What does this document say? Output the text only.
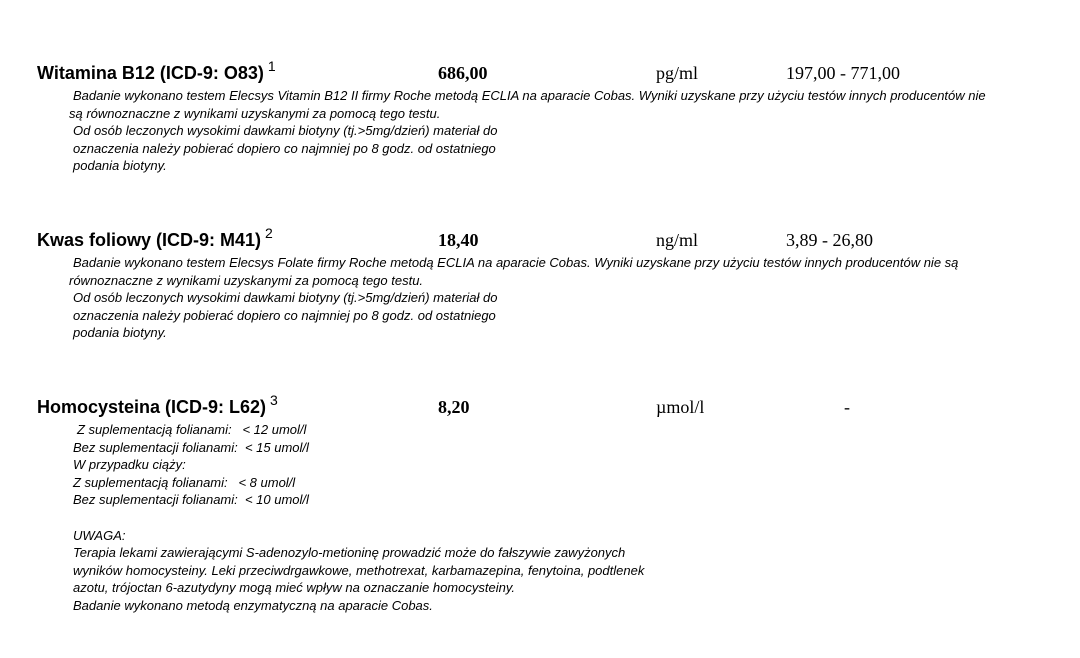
Witamina B12 (ICD-9: O83) $^1$	686,00	pg/ml	197,00 - 771,00

Badanie wykonano testem Elecsys Vitamin B12 II firmy Roche metodą ECLIA na aparacie Cobas. Wyniki uzyskane przy użyciu testów innych producentów nie są równoznaczne z wynikami uzyskanymi za pomocą tego testu.

Od osób leczonych wysokimi dawkami biotyny (tj.>5mg/dzień) materiał do

oznaczenia należy pobierać dopiero co najmniej po 8 godz. od ostatniego

podania biotyny.

Kwas foliowy (ICD-9: M41) $^2$	18,40	ng/ml	3,89 - 26,80

Badanie wykonano testem Elecsys Folate firmy Roche metodą ECLIA na aparacie Cobas. Wyniki uzyskane przy użyciu testów innych producentów nie są równoznaczne z wynikami uzyskanymi za pomocą tego testu.

Od osób leczonych wysokimi dawkami biotyny (tj.>5mg/dzień) materiał do

oznaczenia należy pobierać dopiero co najmniej po 8 godz. od ostatniego

podania biotyny.

Homocysteina (ICD-9: L62) $^3$	8,20	µmol/l	-

Z suplementacją folianami:   < 12 umol/l

Bez suplementacji folianami:  < 15 umol/l

W przypadku ciąży:

Z suplementacją folianami:   < 8 umol/l

Bez suplementacji folianami:  < 10 umol/l

UWAGA:

Terapia lekami zawierającymi S-adenozylo-metioninę prowadzić może do fałszywie zawyżonych

wyników homocysteiny. Leki przeciwdrgawkowe, methotrexat, karbamazepina, fenytoina, podtlenek

azotu, trójoctan 6-azutydyny mogą mieć wpływ na oznaczanie homocysteiny.

Badanie wykonano metodą enzymatyczną na aparacie Cobas.
